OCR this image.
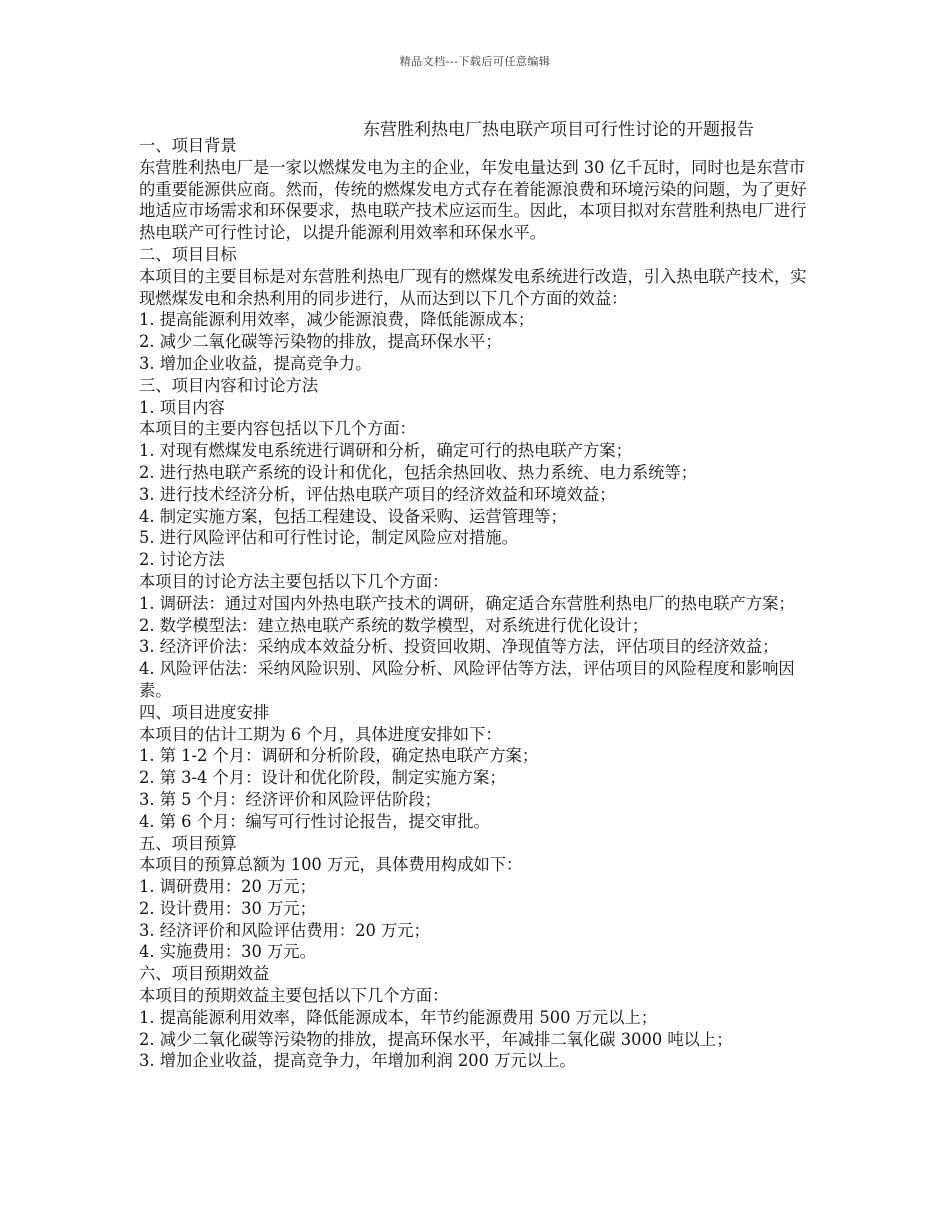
精品文档---下载后可任意编辑
东营胜利热电厂热电联产项目可行性讨论的开题报告

一、项目背景

东营胜利热电厂是一家以燃煤发电为主的企业，年发电量达到 30 亿千瓦时，同时也是东营市的重要能源供应商。然而，传统的燃煤发电方式存在着能源浪费和环境污染的问题，为了更好地适应市场需求和环保要求，热电联产技术应运而生。因此，本项目拟对东营胜利热电厂进行热电联产可行性讨论，以提升能源利用效率和环保水平。

二、项目目标

本项目的主要目标是对东营胜利热电厂现有的燃煤发电系统进行改造，引入热电联产技术，实现燃煤发电和余热利用的同步进行，从而达到以下几个方面的效益：

1. 提高能源利用效率，减少能源浪费，降低能源成本；

2. 减少二氧化碳等污染物的排放，提高环保水平；

3. 增加企业收益，提高竞争力。

三、项目内容和讨论方法

1. 项目内容

本项目的主要内容包括以下几个方面：

1. 对现有燃煤发电系统进行调研和分析，确定可行的热电联产方案；

2. 进行热电联产系统的设计和优化，包括余热回收、热力系统、电力系统等；

3. 进行技术经济分析，评估热电联产项目的经济效益和环境效益；

4. 制定实施方案，包括工程建设、设备采购、运营管理等；

5. 进行风险评估和可行性讨论，制定风险应对措施。

2. 讨论方法

本项目的讨论方法主要包括以下几个方面：

1. 调研法：通过对国内外热电联产技术的调研，确定适合东营胜利热电厂的热电联产方案；

2. 数学模型法：建立热电联产系统的数学模型，对系统进行优化设计；

3. 经济评价法：采纳成本效益分析、投资回收期、净现值等方法，评估项目的经济效益；

4. 风险评估法：采纳风险识别、风险分析、风险评估等方法，评估项目的风险程度和影响因素。

四、项目进度安排

本项目的估计工期为 6 个月，具体进度安排如下：

1. 第 1-2 个月：调研和分析阶段，确定热电联产方案；

2. 第 3-4 个月：设计和优化阶段，制定实施方案；

3. 第 5 个月：经济评价和风险评估阶段；

4. 第 6 个月：编写可行性讨论报告，提交审批。

五、项目预算

本项目的预算总额为 100 万元，具体费用构成如下：

1. 调研费用：20 万元；

2. 设计费用：30 万元；

3. 经济评价和风险评估费用：20 万元；

4. 实施费用：30 万元。

六、项目预期效益

本项目的预期效益主要包括以下几个方面：

1. 提高能源利用效率，降低能源成本，年节约能源费用 500 万元以上；

2. 减少二氧化碳等污染物的排放，提高环保水平，年减排二氧化碳 3000 吨以上；

3. 增加企业收益，提高竞争力，年增加利润 200 万元以上。
